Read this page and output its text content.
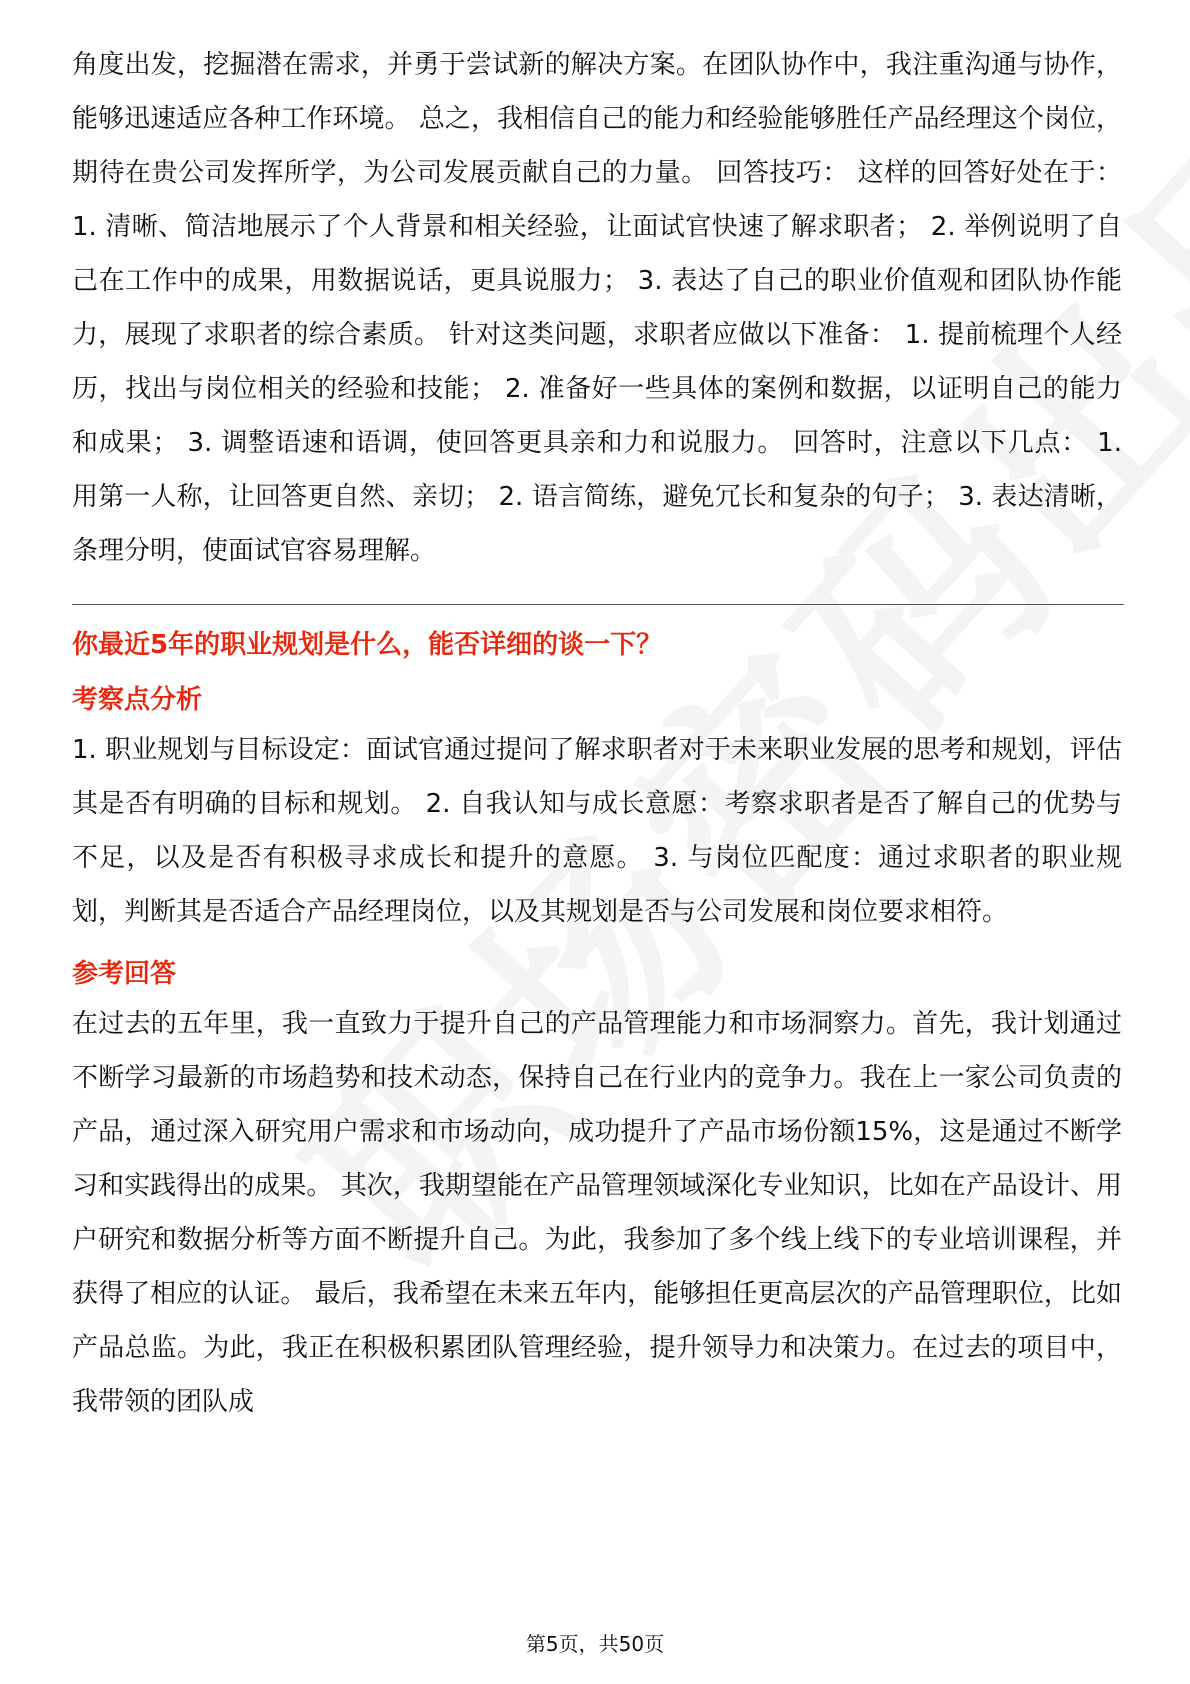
角度出发，挖掘潜在需求，并勇于尝试新的解决方案。在团队协作中，我注重沟通与协作，能够迅速适应各种工作环境。 总之，我相信自己的能力和经验能够胜任产品经理这个岗位，期待在贵公司发挥所学，为公司发展贡献自己的力量。 回答技巧： 这样的回答好处在于： 1. 清晰、简洁地展示了个人背景和相关经验，让面试官快速了解求职者； 2. 举例说明了自己在工作中的成果，用数据说话，更具说服力； 3. 表达了自己的职业价值观和团队协作能力，展现了求职者的综合素质。 针对这类问题，求职者应做以下准备： 1. 提前梳理个人经历，找出与岗位相关的经验和技能； 2. 准备好一些具体的案例和数据，以证明自己的能力和成果； 3. 调整语速和语调，使回答更具亲和力和说服力。 回答时，注意以下几点： 1. 用第一人称，让回答更自然、亲切； 2. 语言简练，避免冗长和复杂的句子； 3. 表达清晰，条理分明，使面试官容易理解。

你最近5年的职业规划是什么，能否详细的谈一下？

考察点分析

1. 职业规划与目标设定：面试官通过提问了解求职者对于未来职业发展的思考和规划，评估其是否有明确的目标和规划。 2. 自我认知与成长意愿：考察求职者是否了解自己的优势与不足，以及是否有积极寻求成长和提升的意愿。 3. 与岗位匹配度：通过求职者的职业规划，判断其是否适合产品经理岗位，以及其规划是否与公司发展和岗位要求相符。

参考回答

在过去的五年里，我一直致力于提升自己的产品管理能力和市场洞察力。首先，我计划通过不断学习最新的市场趋势和技术动态，保持自己在行业内的竞争力。我在上一家公司负责的产品，通过深入研究用户需求和市场动向，成功提升了产品市场份额15%，这是通过不断学习和实践得出的成果。 其次，我期望能在产品管理领域深化专业知识，比如在产品设计、用户研究和数据分析等方面不断提升自己。为此，我参加了多个线上线下的专业培训课程，并获得了相应的认证。 最后，我希望在未来五年内，能够担任更高层次的产品管理职位，比如产品总监。为此，我正在积极积累团队管理经验，提升领导力和决策力。在过去的项目中，我带领的团队成

第5页，共50页
